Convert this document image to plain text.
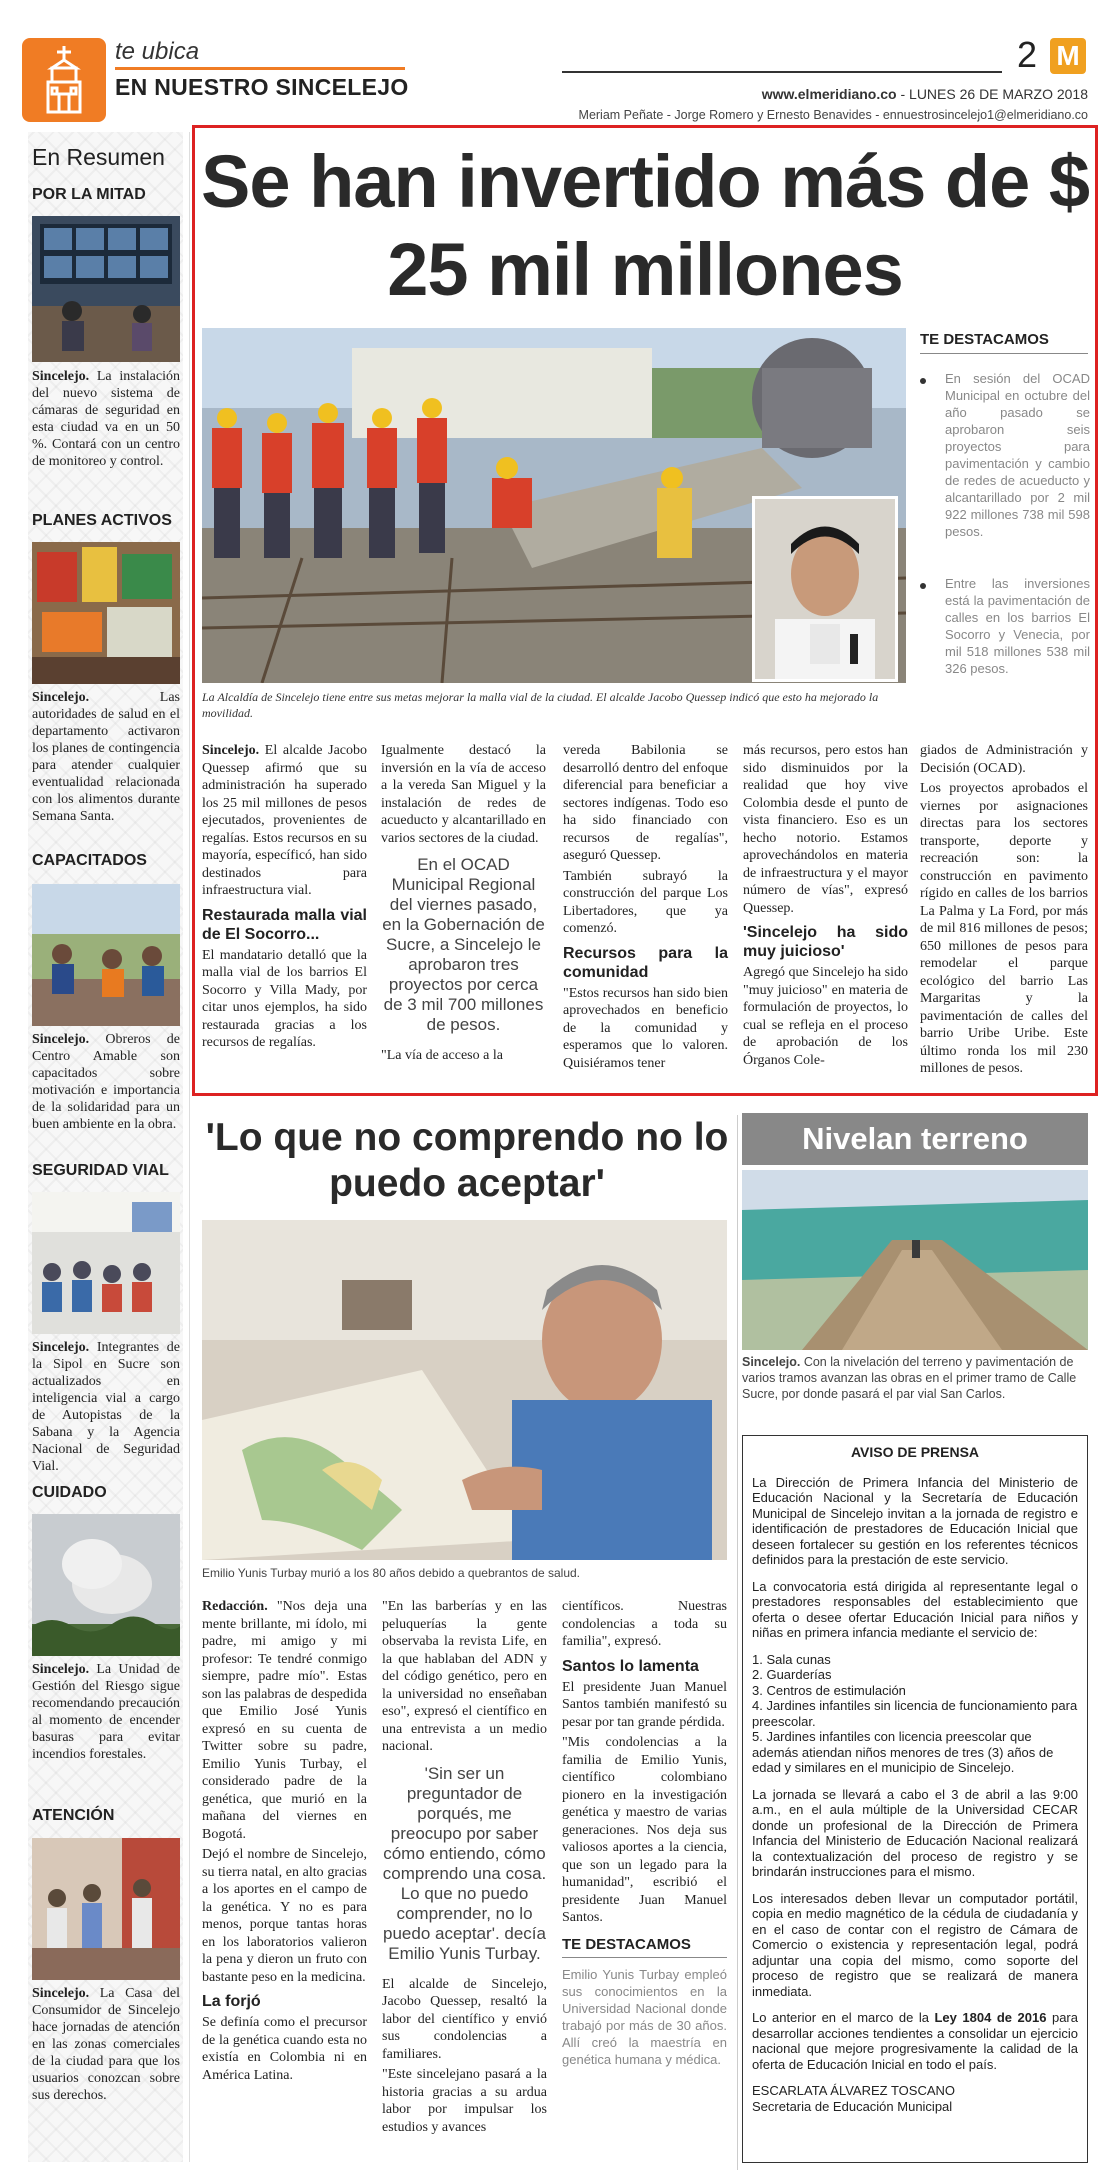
te ubica
EN NUESTRO SINCELEJO
2 M
www.elmeridiano.co - LUNES 26 DE MARZO 2018
Meriam Peñate - Jorge Romero y Ernesto Benavides - ennuestrosincelejo1@elmeridiano.co
En Resumen
POR LA MITAD
Sincelejo. La instalación del nuevo sistema de cámaras de seguridad en esta ciudad va en un 50 %. Contará con un centro de monitoreo y control.
PLANES ACTIVOS
Sincelejo. Las autoridades de salud en el departamento activaron los planes de contingencia para atender cualquier eventualidad relacionada con los alimentos durante Semana Santa.
CAPACITADOS
Sincelejo. Obreros de Centro Amable son capacitados sobre motivación e importancia de la solidaridad para un buen ambiente en la obra.
SEGURIDAD VIAL
Sincelejo. Integrantes de la Sipol en Sucre son actualizados en inteligencia vial a cargo de Autopistas de la Sabana y la Agencia Nacional de Seguridad Vial.
CUIDADO
Sincelejo. La Unidad de Gestión del Riesgo sigue recomendando precaución al momento de encender basuras para evitar incendios forestales.
ATENCIÓN
Sincelejo. La Casa del Consumidor de Sincelejo hace jornadas de atención en las zonas comerciales de la ciudad para que los usuarios conozcan sobre sus derechos.
Se han invertido más de $ 25 mil millones
La Alcaldía de Sincelejo tiene entre sus metas mejorar la malla vial de la ciudad. El alcalde Jacobo Quessep indicó que esto ha mejorado la movilidad.
TE DESTACAMOS
En sesión del OCAD Municipal en octubre del año pasado se aprobaron seis proyectos para pavimentación y cambio de redes de acueducto y alcantarillado por 2 mil 922 millones 738 mil 598 pesos.
Entre las inversiones está la pavimentación de calles en los barrios El Socorro y Venecia, por mil 518 millones 538 mil 326 pesos.

Sincelejo. El alcalde Jacobo Quessep afirmó que su administración ha superado los 25 mil millones de pesos ejecutados, provenientes de regalías. Estos recursos en su mayoría, específicó, han sido destinados para infraestructura vial.

Restaurada malla vial de El Socorro...

El mandatario detalló que la malla vial de los barrios El Socorro y Villa Mady, por citar unos ejemplos, ha sido restaurada gracias a los recursos de regalías.

Igualmente destacó la inversión en la vía de acceso a la vereda San Miguel y la instalación de redes de acueducto y alcantarillado en varios sectores de la ciudad.

En el OCAD Municipal Regional del viernes pasado, en la Gobernación de Sucre, a Sincelejo le aprobaron tres proyectos por cerca de 3 mil 700 millones de pesos.

"La vía de acceso a la

vereda Babilonia se desarrolló dentro del enfoque diferencial para beneficiar a sectores indígenas. Todo eso ha sido financiado con recursos de regalías", aseguró Quessep.

También subrayó la construcción del parque Los Libertadores, que ya comenzó.

Recursos para la comunidad

"Estos recursos han sido bien aprovechados en beneficio de la comunidad y esperamos que lo valoren. Quisiéramos tener

más recursos, pero estos han sido disminuidos por la realidad que hoy vive Colombia desde el punto de vista financiero. Eso es un hecho notorio. Estamos aprovechándolos en materia de infraestructura y el mayor número de vías", expresó Quessep.

'Sincelejo ha sido muy juicioso'

Agregó que Sincelejo ha sido "muy juicioso" en materia de formulación de proyectos, lo cual se refleja en el proceso de aprobación de los Órganos Cole-

giados de Administración y Decisión (OCAD).

Los proyectos aprobados el viernes por asignaciones directas para los sectores transporte, deporte y recreación son: la construcción en pavimento rígido en calles de los barrios La Palma y La Ford, por más de mil 816 millones de pesos; 650 millones de pesos para remodelar el parque ecológico del barrio Las Margaritas y la pavimentación de calles del barrio Uribe Uribe. Este último ronda los mil 230 millones de pesos.

'Lo que no comprendo no lo puedo aceptar'
Emilio Yunis Turbay murió a los 80 años debido a quebrantos de salud.

Redacción. "Nos deja una mente brillante, mi ídolo, mi padre, mi amigo y mi profesor: Te tendré conmigo siempre, padre mío". Estas son las palabras de despedida que Emilio José Yunis expresó en su cuenta de Twitter sobre su padre, Emilio Yunis Turbay, el considerado padre de la genética, que murió en la mañana del viernes en Bogotá.

Dejó el nombre de Sincelejo, su tierra natal, en alto gracias a los aportes en el campo de la genética. Y no es para menos, porque tantas horas en los laboratorios valieron la pena y dieron un fruto con bastante peso en la medicina.

La forjó

Se definía como el precursor de la genética cuando esta no existía en Colombia ni en América Latina.

"En las barberías y en las peluquerías la gente observaba la revista Life, en la que hablaban del ADN y del código genético, pero en la universidad no enseñaban eso", expresó el científico en una entrevista a un medio nacional.

'Sin ser un preguntador de porqués, me preocupo por saber cómo entiendo, cómo comprendo una cosa. Lo que no puedo comprender, no lo puedo aceptar'. decía Emilio Yunis Turbay.

El alcalde de Sincelejo, Jacobo Quessep, resaltó la labor del científico y envió sus condolencias a familiares.

"Este sincelejano pasará a la historia gracias a su ardua labor por impulsar los estudios y avances

científicos. Nuestras condolencias a toda su familia", expresó.

Santos lo lamenta

El presidente Juan Manuel Santos también manifestó su pesar por tan grande pérdida.

"Mis condolencias a la familia de Emilio Yunis, científico colombiano pionero en la investigación genética y maestro de varias generaciones. Nos deja sus valiosos aportes a la ciencia, que son un legado para la humanidad", escribió el presidente Juan Manuel Santos.

TE DESTACAMOS

Emilio Yunis Turbay empleó sus conocimientos en la Universidad Nacional donde trabajó por más de 30 años. Allí creó la maestría en genética humana y médica.

Nivelan terreno
Sincelejo. Con la nivelación del terreno y pavimentación de varios tramos avanzan las obras en el primer tramo de Calle Sucre, por donde pasará el par vial San Carlos.

AVISO DE PRENSA

La Dirección de Primera Infancia del Ministerio de Educación Nacional y la Secretaría de Educación Municipal de Sincelejo invitan a la jornada de registro e identificación de prestadores de Educación Inicial que deseen fortalecer su gestión en los referentes técnicos definidos para la prestación de este servicio.

La convocatoria está dirigida al representante legal o prestadores responsables del establecimiento que oferta o desee ofertar Educación Inicial para niños y niñas en primera infancia mediante el servicio de:

1. Sala cunas
2. Guarderías
3. Centros de estimulación
4. Jardines infantiles sin licencia de funcionamiento para preescolar.
5. Jardines infantiles con licencia preescolar que además atiendan niños menores de tres (3) años de edad y similares en el municipio de Sincelejo.

La jornada se llevará a cabo el 3 de abril a las 9:00 a.m., en el aula múltiple de la Universidad CECAR donde un profesional de la Dirección de Primera Infancia del Ministerio de Educación Nacional realizará la contextualización del proceso de registro y se brindarán instrucciones para el mismo.

Los interesados deben llevar un computador portátil, copia en medio magnético de la cédula de ciudadanía y en el caso de contar con el registro de Cámara de Comercio o existencia y representación legal, podrá adjuntar una copia del mismo, como soporte del proceso de registro que se realizará de manera inmediata.

Lo anterior en el marco de la Ley 1804 de 2016 para desarrollar acciones tendientes a consolidar un ejercicio nacional que mejore progresivamente la calidad de la oferta de Educación Inicial en todo el país.

ESCARLATA ÁLVAREZ TOSCANO

Secretaria de Educación Municipal
